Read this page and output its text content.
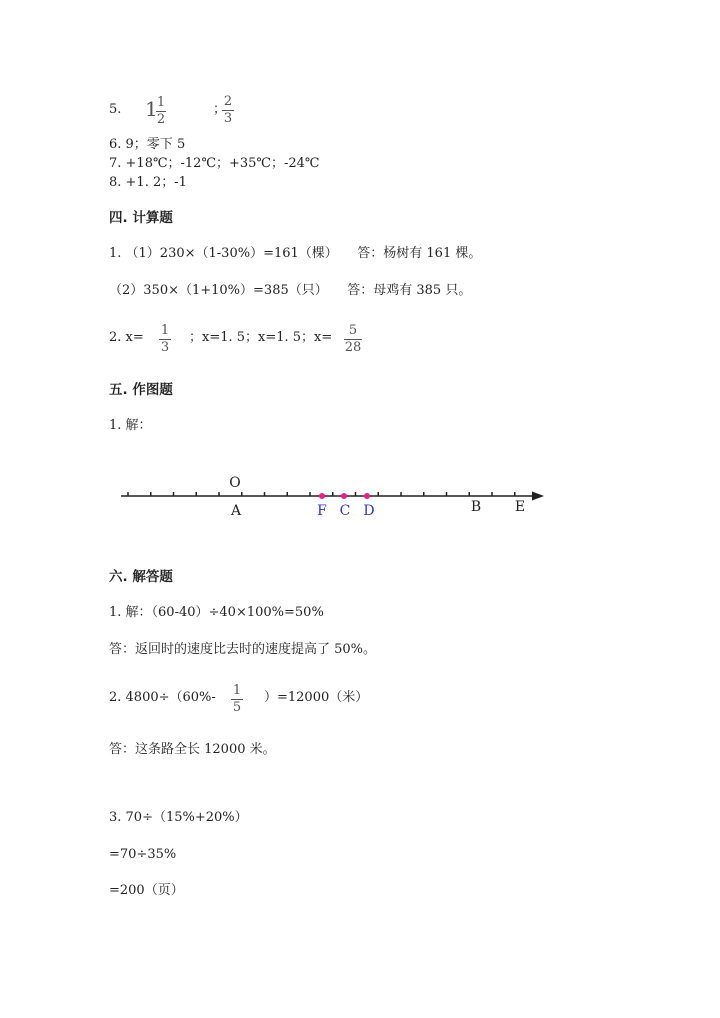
5. 1 1
2
；
2
3
6. 9；零下 5
7. +18℃；-12℃；+35℃；-24℃
8. +1. 2；-1
四. 计算题
1. （1）230×（1-30%）=161（棵）　　答：杨树有 161 棵。
（2）350×（1+10%）=385（只）　　答：母鸡有 385 只。
2. x= 1
3
；x=1. 5；x=1. 5；x=	5
28
五. 作图题
1. 解：
O
A	F C D	B E
六. 解答题
1. 解：（60-40）÷40×100%=50%
答：返回时的速度比去时的速度提高了 50%。
2. 4800÷（60%- 1
5
）=12000（米）
答：这条路全长 12000 米。
3. 70÷（15%+20%）
=70÷35%
=200（页）
